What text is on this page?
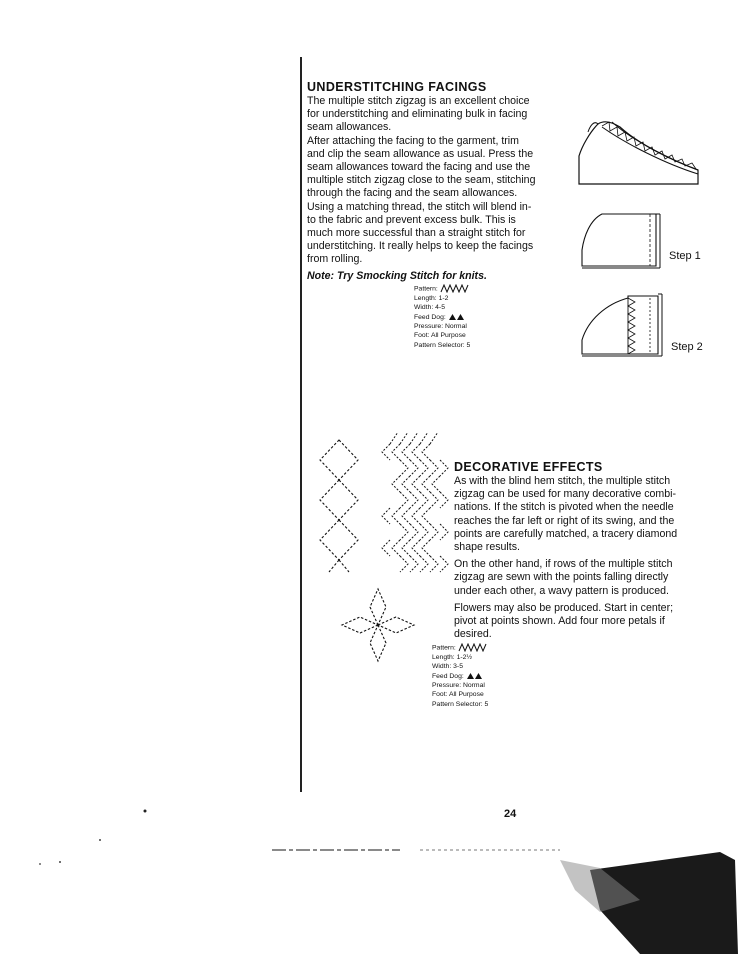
UNDERSTITCHING FACINGS

The multiple stitch zigzag is an excellent choice

for understitching and eliminating bulk in facing

seam allowances.

After attaching the facing to the garment, trim

and clip the seam allowance as usual. Press the

seam allowances toward the facing and use the

multiple stitch zigzag close to the seam, stitching

through the facing and the seam allowances.

Using a matching thread, the stitch will blend in-

to the fabric and prevent excess bulk. This is

much more successful than a straight stitch for

understitching. It really helps to keep the facings

from rolling.

Note: Try Smocking Stitch for knits.

Pattern:
Length: 1-2
Width: 4-5
Feed Dog:
Pressure: Normal
Foot: All Purpose
Pattern Selector: 5
Step 1
Step 2
DECORATIVE EFFECTS

As with the blind hem stitch, the multiple stitch

zigzag can be used for many decorative combi-

nations. If the stitch is pivoted when the needle

reaches the far left or right of its swing, and the

points are carefully matched, a tracery diamond

shape results.

On the other hand, if rows of the multiple stitch

zigzag are sewn with the points falling directly

under each other, a wavy pattern is produced.

Flowers may also be produced. Start in center;

pivot at points shown. Add four more petals if

desired.

Pattern:
Length: 1-2½
Width: 3-5
Feed Dog:
Pressure: Normal
Foot: All Purpose
Pattern Selector: 5
24
